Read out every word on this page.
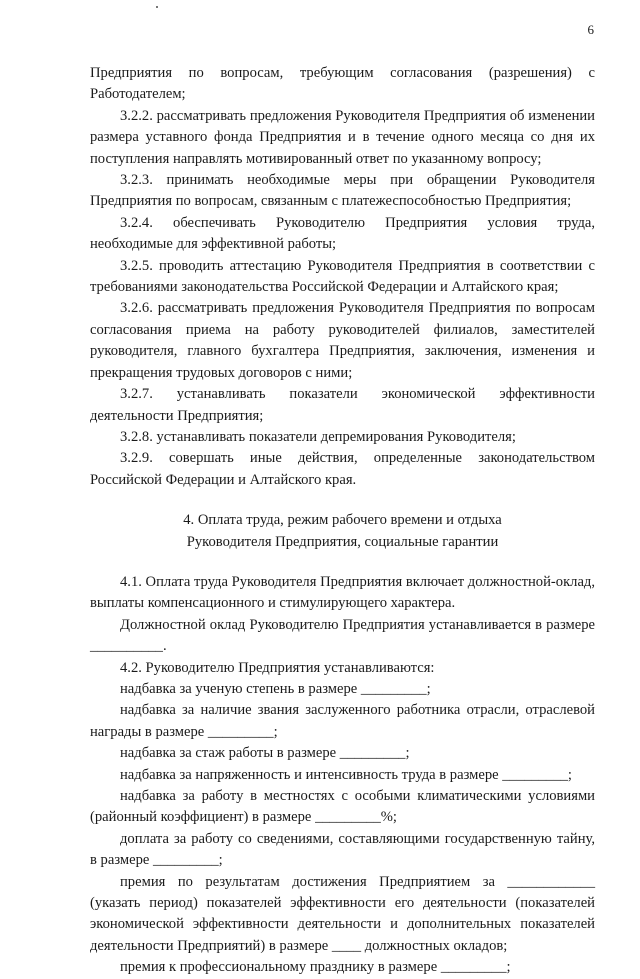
6

Предприятия по вопросам, требующим согласования (разрешения) с Работодателем;

3.2.2. рассматривать предложения Руководителя Предприятия об изменении размера уставного фонда Предприятия и в течение одного месяца со дня их поступления направлять мотивированный ответ по указанному вопросу;

3.2.3. принимать необходимые меры при обращении Руководителя Предприятия по вопросам, связанным с платежеспособностью Предприятия;

3.2.4. обеспечивать Руководителю Предприятия условия труда, необходимые для эффективной работы;

3.2.5. проводить аттестацию Руководителя Предприятия в соответствии с требованиями законодательства Российской Федерации и Алтайского края;

3.2.6. рассматривать предложения Руководителя Предприятия по вопросам согласования приема на работу руководителей филиалов, заместителей руководителя, главного бухгалтера Предприятия, заключения, изменения и прекращения трудовых договоров с ними;

3.2.7. устанавливать показатели экономической эффективности деятельности Предприятия;

3.2.8. устанавливать показатели депремирования Руководителя;

3.2.9. совершать иные действия, определенные законодательством Российской Федерации и Алтайского края.

4. Оплата труда, режим рабочего времени и отдыха

Руководителя Предприятия, социальные гарантии

4.1. Оплата труда Руководителя Предприятия включает должностной-оклад, выплаты компенсационного и стимулирующего характера.

Должностной оклад Руководителю Предприятия устанавливается в размере __________.

4.2. Руководителю Предприятия устанавливаются:

надбавка за ученую степень в размере _________;

надбавка за наличие звания заслуженного работника отрасли, отраслевой награды в размере _________;

надбавка за стаж работы в размере _________;

надбавка за напряженность и интенсивность труда в размере _________;

надбавка за работу в местностях с особыми климатическими условиями (районный коэффициент) в размере _________%;

доплата за работу со сведениями, составляющими государственную тайну, в размере _________;

премия по результатам достижения Предприятием за ____________ (указать период) показателей эффективности его деятельности (показателей экономической эффективности деятельности и дополнительных показателей деятельности Предприятий) в размере ____ должностных окладов;

премия к профессиональному празднику в размере _________;
